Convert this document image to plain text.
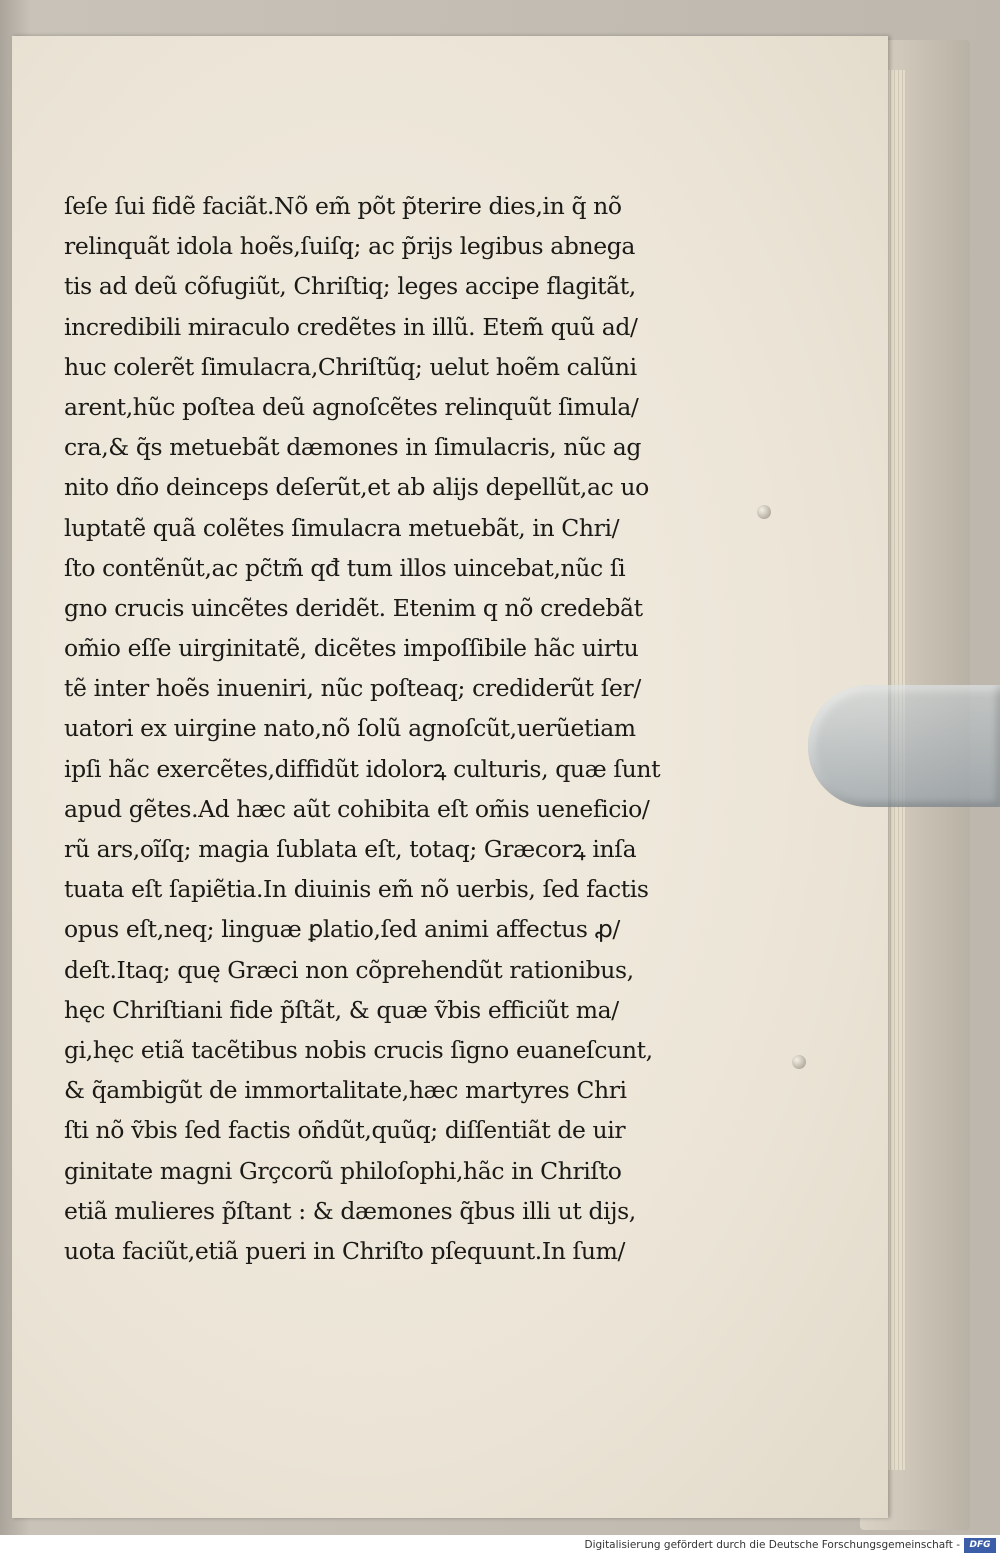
ſeſe ſui fidẽ faciãt.Nõ em̃ põt p̃terire dies,in q̃ nõ
relinquãt idola hoẽs,ſuiſq; ac p̃rijs legibus abnega
tis ad deũ cõfugiũt, Chriſtiq; leges accipe flagitãt,
incredibili miraculo credẽtes in illũ. Etem̃ quũ ad/
huc colerẽt ſimulacra,Chriſtũq; uelut hoẽm calũni
arent,hũc poſtea deũ agnoſcẽtes relinquũt ſimula/
cra,& q̃s metuebãt dæmones in ſimulacris, nũc ag
nito dño deinceps deſerũt,et ab alijs depellũt,ac uo
luptatẽ quã colẽtes ſimulacra metuebãt, in Chri/
ſto contẽnũt,ac pc̃tm̃ qđ tum illos uincebat,nũc ſi
gno crucis uincẽtes deridẽt. Etenim q nõ credebãt
om̃io eſſe uirginitatẽ, dicẽtes impoſſibile hãc uirtu
tẽ inter hoẽs inueniri, nũc poſteaq; crediderũt ſer/
uatori ex uirgine nato,nõ ſolũ agnoſcũt,uerũetiam
ipſi hãc exercẽtes,diffidũt idolorꝝ culturis, quæ ſunt
apud gẽtes.Ad hæc aũt cohibita eſt om̃is ueneficio/
rũ ars,oĩſq; magia ſublata eſt, totaq; Græcorꝝ inſa
tuata eſt ſapiẽtia.In diuinis em̃ nõ uerbis, ſed factis
opus eſt,neq; linguæ ꝑlatio,ſed animi affectus ꝓ/
deſt.Itaq; quę Græci non cõprehendũt rationibus,
hęc Chriſtiani fide p̃ſtãt, & quæ ṽbis efficiũt ma/
gi,hęc etiã tacẽtibus nobis crucis ſigno euaneſcunt,
& q̃ambigũt de immortalitate,hæc martyres Chri
ſti nõ ṽbis ſed factis oñdũt,quũq; diſſentiãt de uir
ginitate magni Grçcorũ philoſophi,hãc in Chriſto
etiã mulieres p̃ſtant : & dæmones q̃bus illi ut dijs,
uota faciũt,etiã pueri in Chriſto pſequunt.In ſum/
Digitalisierung gefördert durch die Deutsche Forschungsgemeinschaft -	DFG
